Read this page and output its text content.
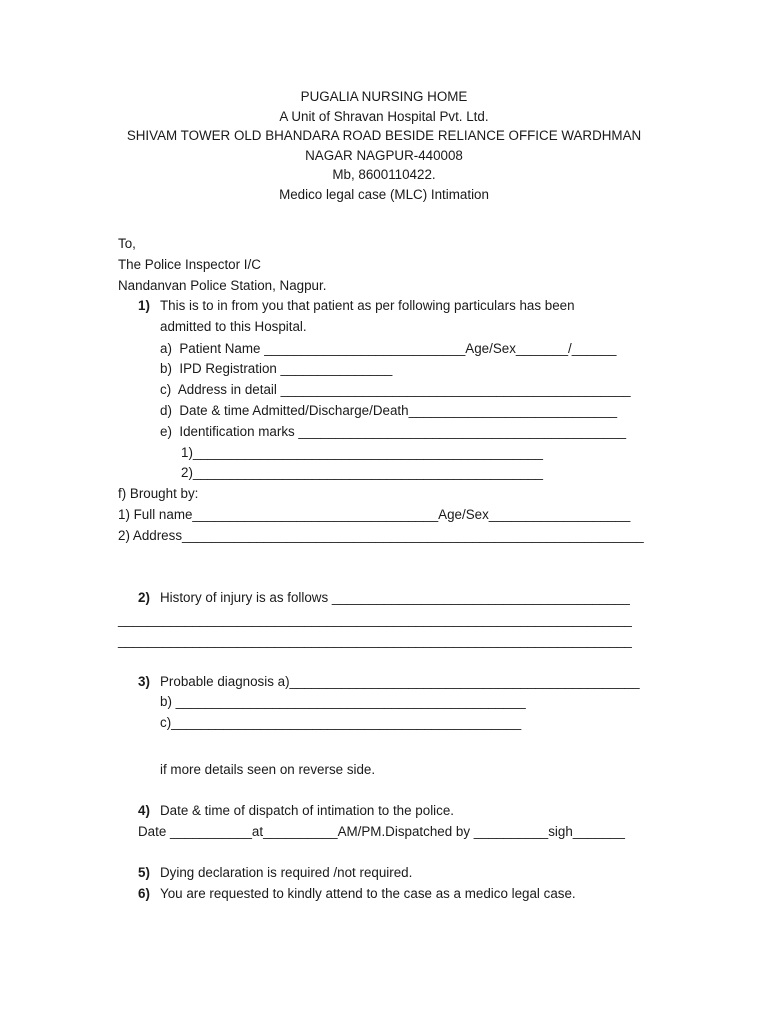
PUGALIA NURSING HOME
A Unit of Shravan Hospital Pvt. Ltd.
SHIVAM TOWER OLD BHANDARA ROAD BESIDE RELIANCE OFFICE WARDHMAN
NAGAR NAGPUR-440008
Mb, 8600110422.
Medico legal case (MLC) Intimation
To,
The Police Inspector I/C
Nandanvan Police Station, Nagpur.
1) This is to in from you that patient as per following particulars has been
admitted to this Hospital.
a)  Patient Name ___________________________Age/Sex_______/______
b)  IPD Registration _______________
c)  Address in detail _______________________________________________
d)  Date & time Admitted/Discharge/Death____________________________
e)  Identification marks ____________________________________________
1)_______________________________________________
2)_______________________________________________
f) Brought by:
1) Full name_________________________________Age/Sex___________________
2) Address______________________________________________________________
2) History of injury is as follows ________________________________________
_____________________________________________________________________
_____________________________________________________________________
3) Probable diagnosis a)_______________________________________________
b) _______________________________________________
c)_______________________________________________
if more details seen on reverse side.
4) Date & time of dispatch of intimation to the police.
Date ___________at__________AM/PM.Dispatched by __________sigh_______
5) Dying declaration is required /not required.
6) You are requested to kindly attend to the case as a medico legal case.
